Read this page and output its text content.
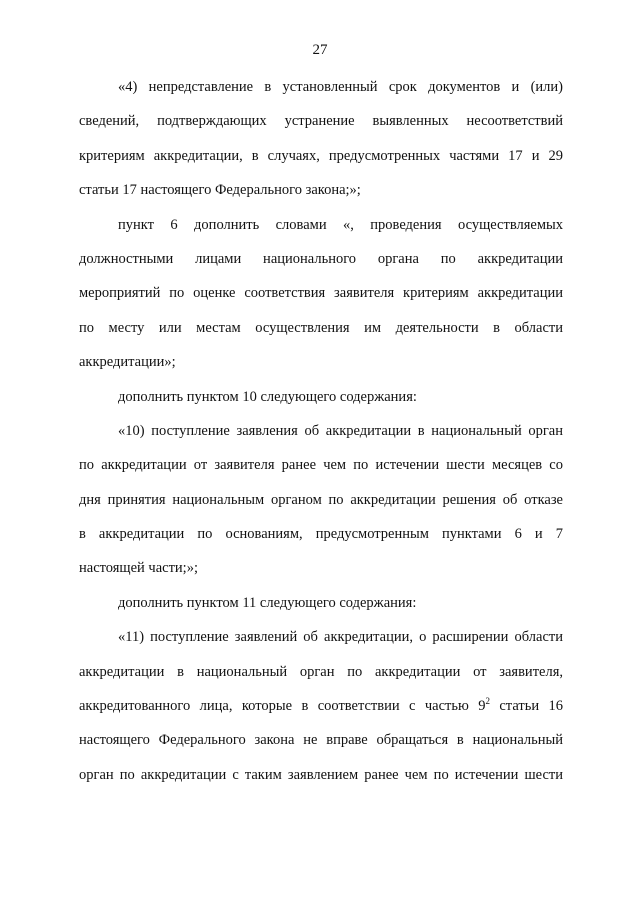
27
«4) непредставление в установленный срок документов и (или)
сведений, подтверждающих устранение выявленных несоответствий
критериям аккредитации, в случаях, предусмотренных частями 17 и 29
статьи 17 настоящего Федерального закона;»;
пункт 6 дополнить словами «, проведения осуществляемых
должностными лицами национального органа по аккредитации
мероприятий по оценке соответствия заявителя критериям аккредитации
по месту или местам осуществления им деятельности в области
аккредитации»;
дополнить пунктом 10 следующего содержания:
«10) поступление заявления об аккредитации в национальный орган
по аккредитации от заявителя ранее чем по истечении шести месяцев со
дня принятия национальным органом по аккредитации решения об отказе
в аккредитации по основаниям, предусмотренным пунктами 6 и 7
настоящей части;»;
дополнить пунктом 11 следующего содержания:
«11) поступление заявлений об аккредитации, о расширении области
аккредитации в национальный орган по аккредитации от заявителя,
аккредитованного лица, которые в соответствии с частью $9^2$ статьи 16
настоящего Федерального закона не вправе обращаться в национальный
орган по аккредитации с таким заявлением ранее чем по истечении шести
